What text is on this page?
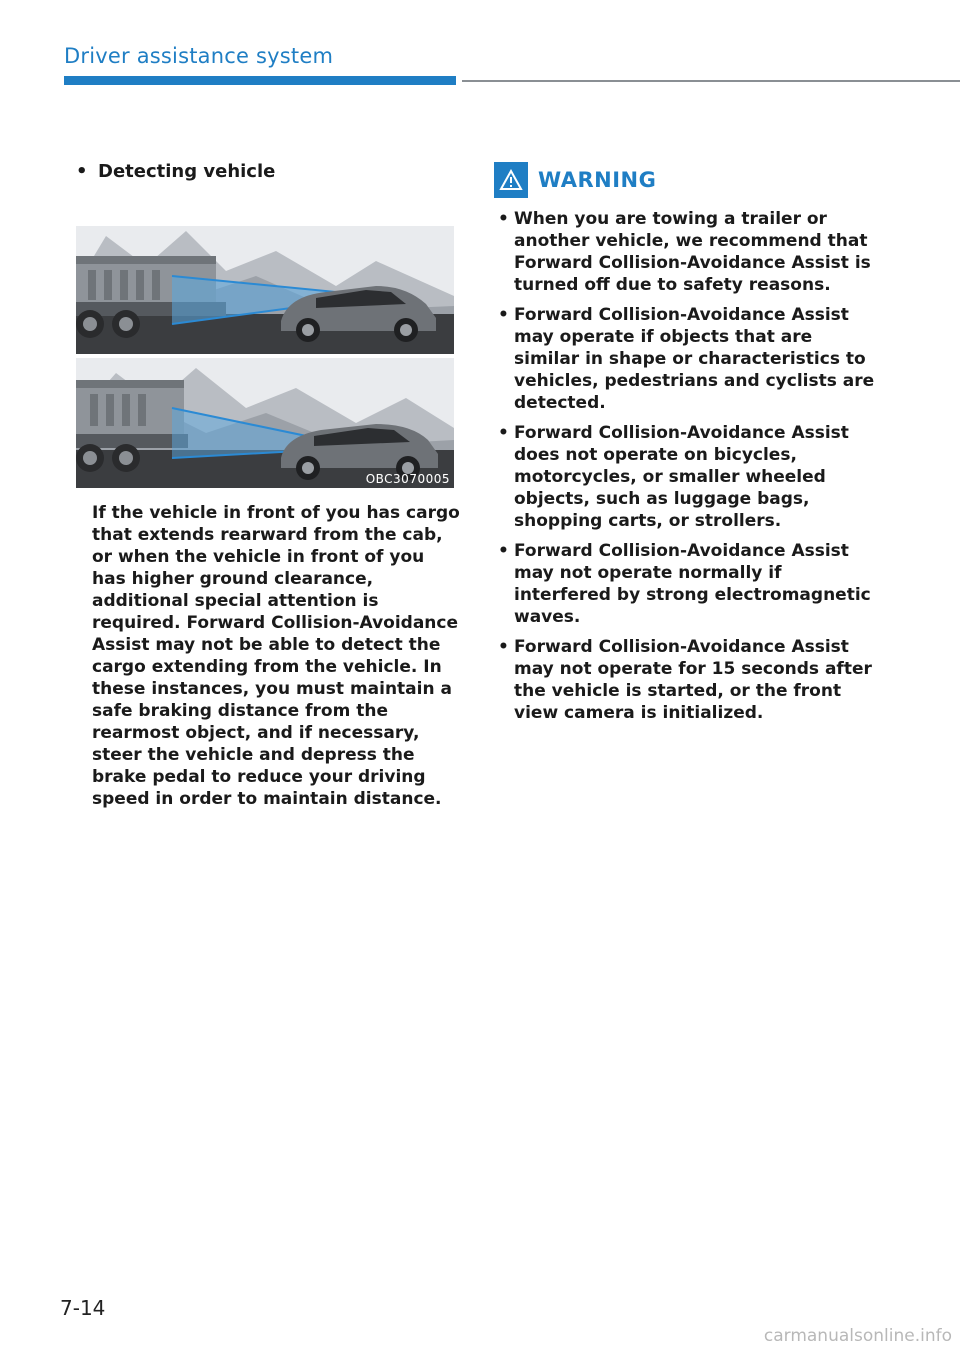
Driver assistance system
• Detecting vehicle
OBC3070005

If the vehicle in front of you has cargo that extends rearward from the cab, or when the vehicle in front of you has higher ground clearance, additional special attention is required. Forward Collision-Avoidance Assist may not be able to detect the cargo extending from the vehicle. In these instances, you must maintain a safe braking distance from the rearmost object, and if necessary, steer the vehicle and depress the brake pedal to reduce your driving speed in order to maintain distance.

WARNING
• When you are towing a trailer or another vehicle, we recommend that Forward Collision-Avoidance Assist is turned off due to safety reasons.
• Forward Collision-Avoidance Assist may operate if objects that are similar in shape or characteristics to vehicles, pedestrians and cyclists are detected.
• Forward Collision-Avoidance Assist does not operate on bicycles, motorcycles, or smaller wheeled objects, such as luggage bags, shopping carts, or strollers.
• Forward Collision-Avoidance Assist may not operate normally if interfered by strong electromagnetic waves.
• Forward Collision-Avoidance Assist may not operate for 15 seconds after the vehicle is started, or the front view camera is initialized.
7-14
carmanualsonline.info
